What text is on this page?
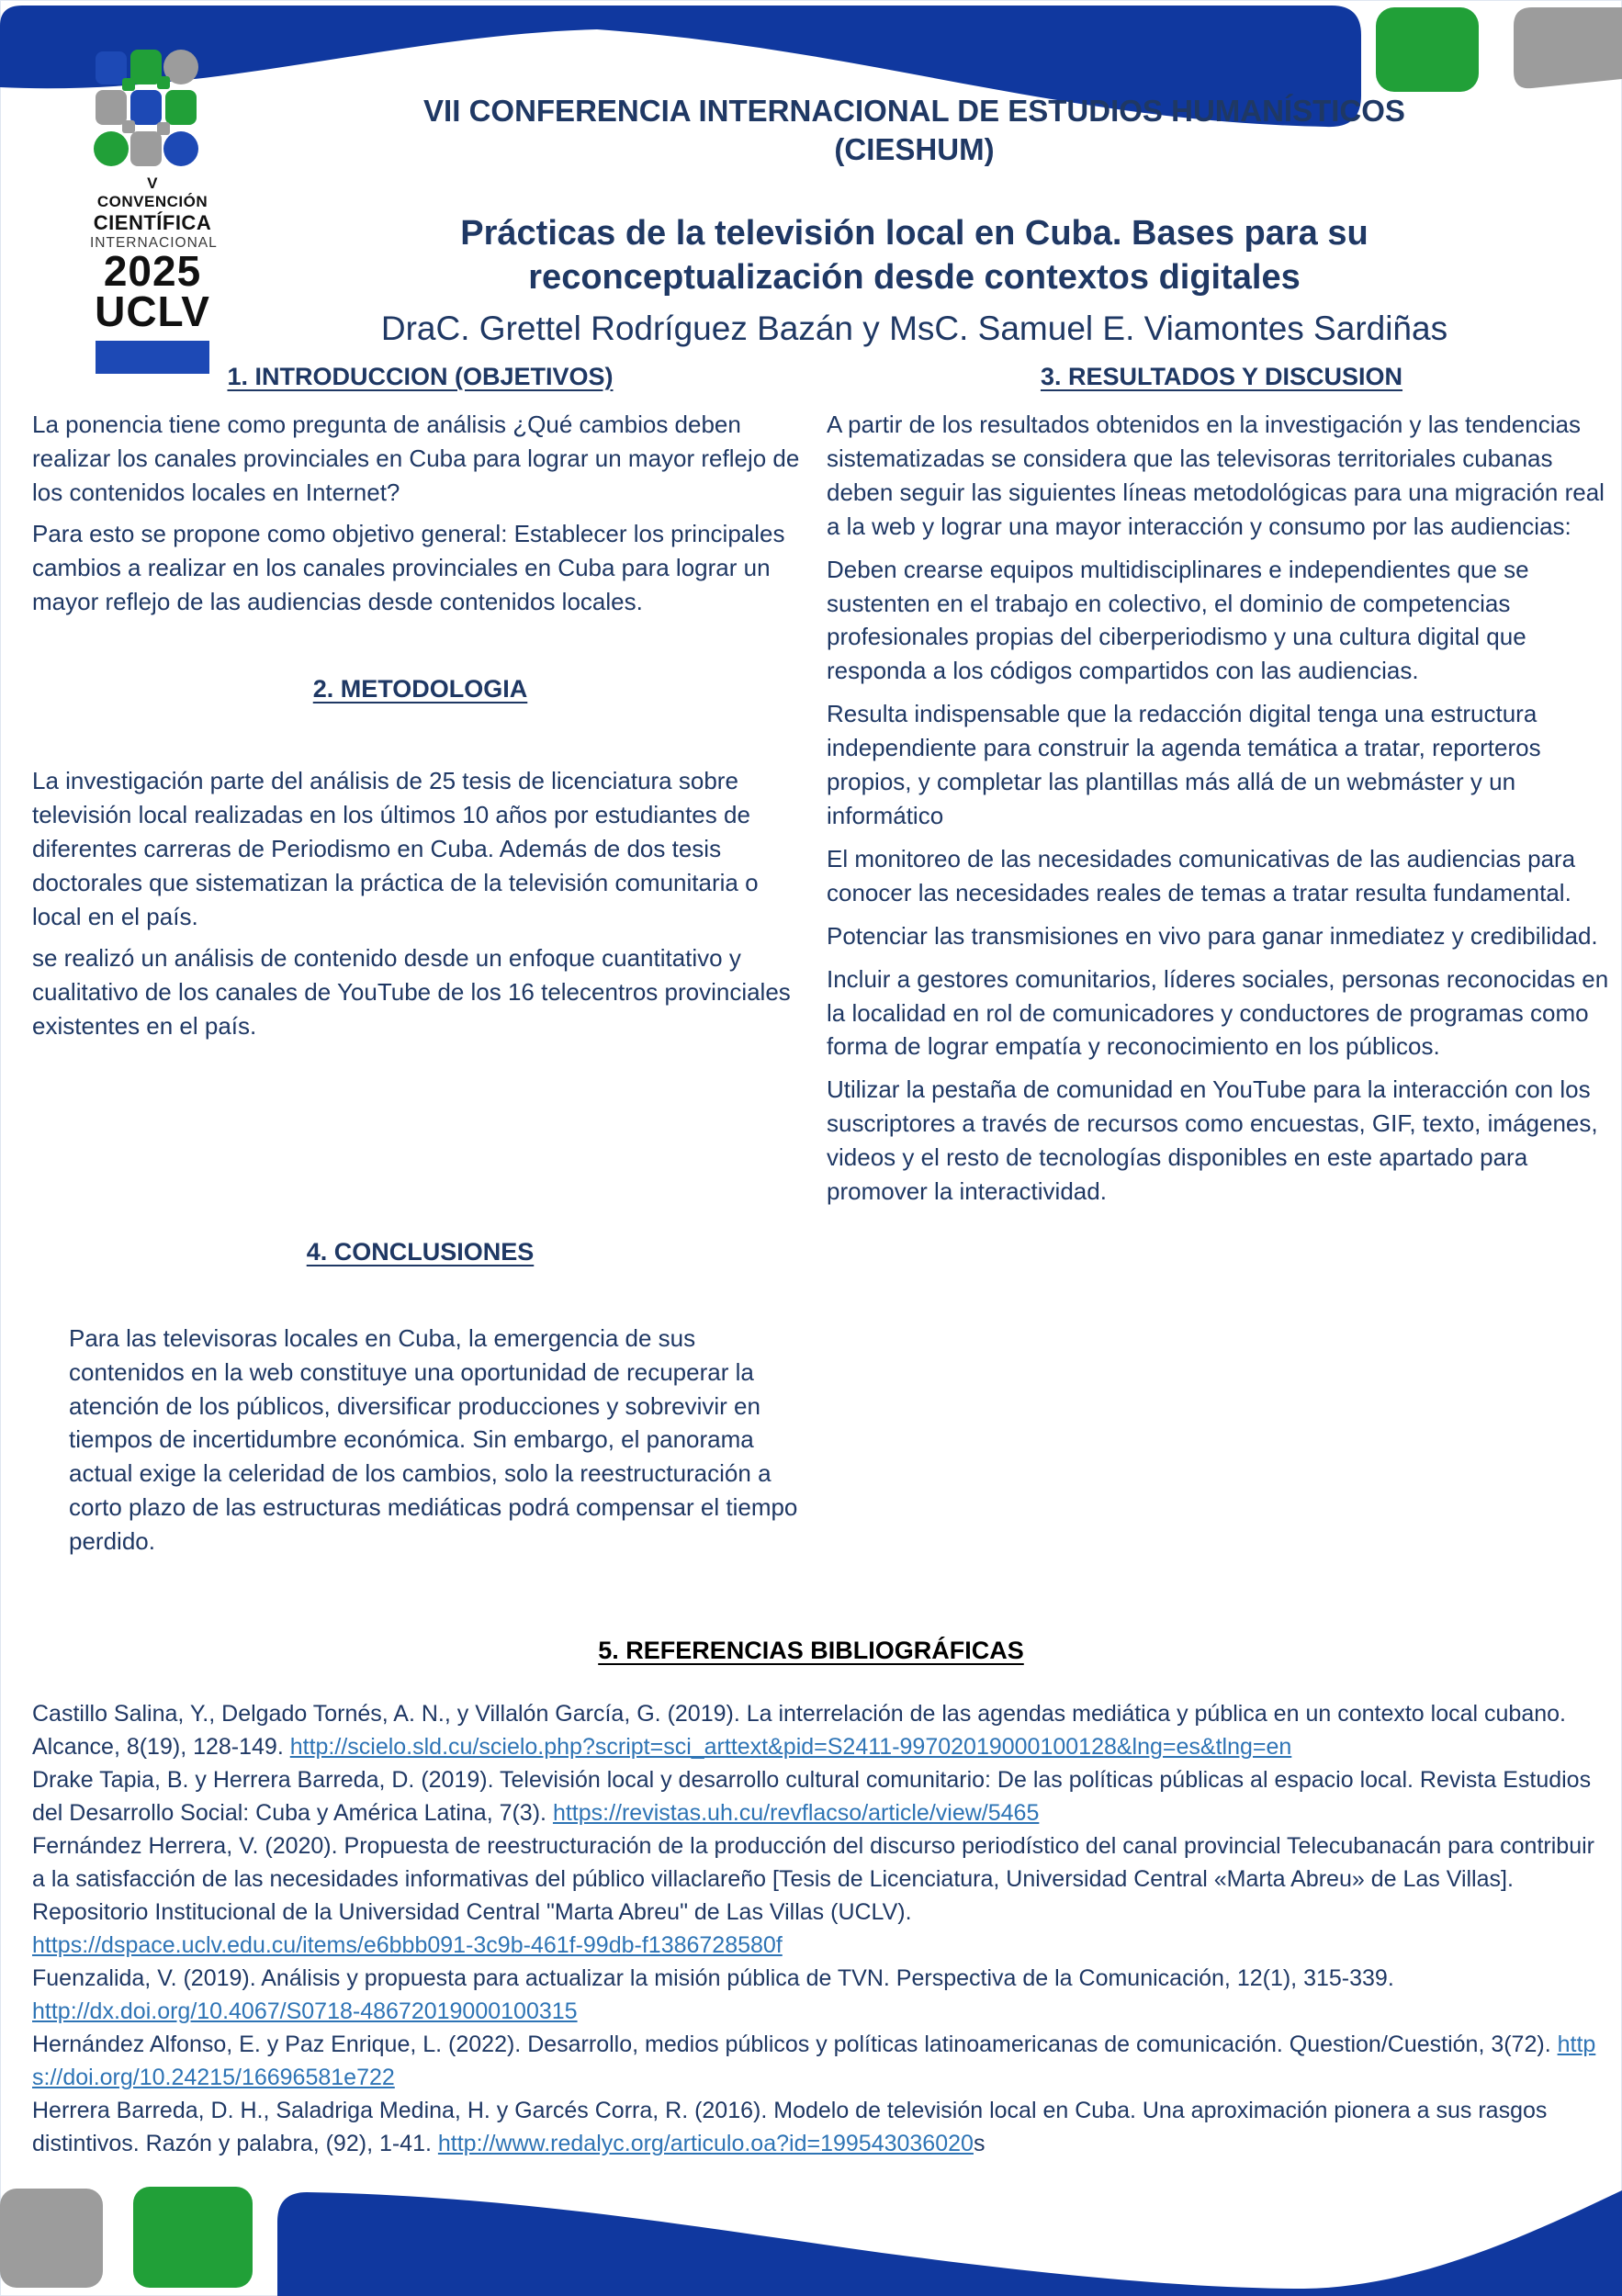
V CONVENCIÓN
CIENTÍFICA
INTERNACIONAL
2025
UCLV
VII CONFERENCIA INTERNACIONAL DE ESTUDIOS HUMANÍSTICOS
(CIESHUM)
Prácticas de la televisión local en Cuba. Bases para su
reconceptualización desde contextos digitales
DraC. Grettel Rodríguez Bazán y MsC. Samuel E. Viamontes Sardiñas
1. INTRODUCCION (OBJETIVOS)

La ponencia tiene como pregunta de análisis ¿Qué cambios deben realizar los canales provinciales en Cuba para lograr un mayor reflejo de los contenidos locales en Internet?

Para esto se propone como objetivo general: Establecer los principales cambios a realizar en los canales provinciales en Cuba para lograr un mayor reflejo de las audiencias desde contenidos locales.

2. METODOLOGIA

La investigación parte del análisis de 25 tesis de licenciatura sobre televisión local realizadas en los últimos 10 años por estudiantes de diferentes carreras de Periodismo en Cuba. Además de dos tesis doctorales que sistematizan la práctica de la televisión comunitaria o local en el país.

se realizó un análisis de contenido desde un enfoque cuantitativo y cualitativo de los canales de YouTube de los 16 telecentros provinciales existentes en el país.

4. CONCLUSIONES

Para las televisoras locales en Cuba, la emergencia de sus contenidos en la web constituye una oportunidad de recuperar la atención de los públicos, diversificar producciones y sobrevivir en tiempos de incertidumbre económica. Sin embargo, el panorama actual exige la celeridad de los cambios, solo la reestructuración a corto plazo de las estructuras mediáticas podrá compensar el tiempo perdido.

3. RESULTADOS Y DISCUSION

A partir de los resultados obtenidos en la investigación y las tendencias sistematizadas se considera que las televisoras territoriales cubanas deben seguir las siguientes líneas metodológicas para una migración real a la web y lograr una mayor interacción y consumo por las audiencias:

Deben crearse equipos multidisciplinares e independientes que se sustenten en el trabajo en colectivo, el dominio de competencias profesionales propias del ciberperiodismo y una cultura digital que responda a los códigos compartidos con las audiencias.

Resulta indispensable que la redacción digital tenga una estructura independiente para construir la agenda temática a tratar, reporteros propios, y completar las plantillas más allá de un webmáster y un informático

El monitoreo de las necesidades comunicativas de las audiencias para conocer las necesidades reales de temas a tratar resulta fundamental.

Potenciar las transmisiones en vivo para ganar inmediatez y credibilidad.

Incluir a gestores comunitarios, líderes sociales, personas reconocidas en la localidad en rol de comunicadores y conductores de programas como forma de lograr empatía y reconocimiento en los públicos.

Utilizar la pestaña de comunidad en YouTube para la interacción con los suscriptores a través de recursos como encuestas, GIF, texto, imágenes, videos y el resto de tecnologías disponibles en este apartado para promover la interactividad.

5. REFERENCIAS BIBLIOGRÁFICAS

Castillo Salina, Y., Delgado Tornés, A. N., y Villalón García, G. (2019). La interrelación de las agendas mediática y pública en un contexto local cubano. Alcance, 8(19), 128-149. http://scielo.sld.cu/scielo.php?script=sci_arttext&pid=S2411-99702019000100128&lng=es&tlng=en

Drake Tapia, B. y Herrera Barreda, D. (2019). Televisión local y desarrollo cultural comunitario: De las políticas públicas al espacio local. Revista Estudios del Desarrollo Social: Cuba y América Latina, 7(3). https://revistas.uh.cu/revflacso/article/view/5465

Fernández Herrera, V. (2020). Propuesta de reestructuración de la producción del discurso periodístico del canal provincial Telecubanacán para contribuir a la satisfacción de las necesidades informativas del público villaclareño [Tesis de Licenciatura, Universidad Central «Marta Abreu» de Las Villas]. Repositorio Institucional de la Universidad Central "Marta Abreu" de Las Villas (UCLV).
https://dspace.uclv.edu.cu/items/e6bbb091-3c9b-461f-99db-f1386728580f

Fuenzalida, V. (2019). Análisis y propuesta para actualizar la misión pública de TVN. Perspectiva de la Comunicación, 12(1), 315-339.
http://dx.doi.org/10.4067/S0718-48672019000100315

Hernández Alfonso, E. y Paz Enrique, L. (2022). Desarrollo, medios públicos y políticas latinoamericanas de comunicación. Question/Cuestión, 3(72). https://doi.org/10.24215/16696581e722

Herrera Barreda, D. H., Saladriga Medina, H. y Garcés Corra, R. (2016). Modelo de televisión local en Cuba. Una aproximación pionera a sus rasgos distintivos. Razón y palabra, (92), 1-41. http://www.redalyc.org/articulo.oa?id=199543036020s
